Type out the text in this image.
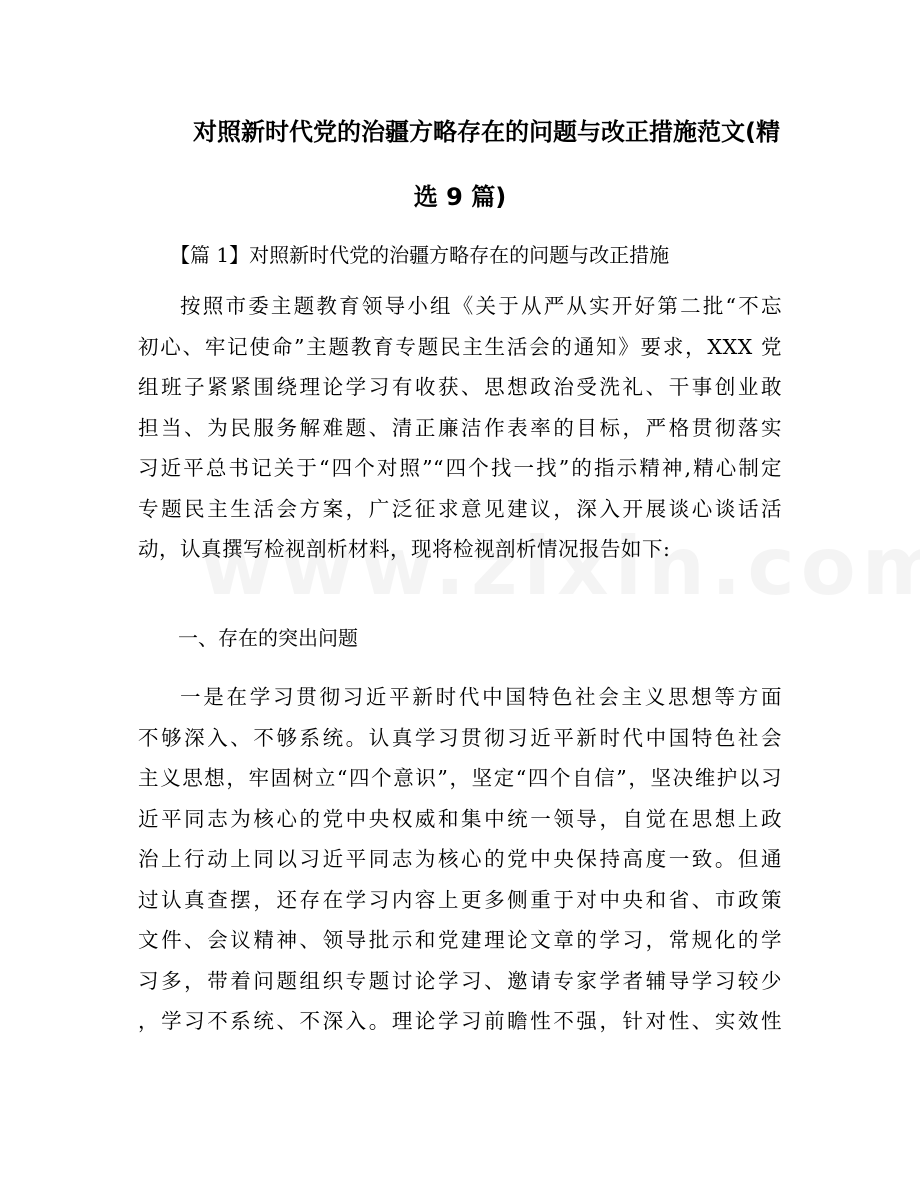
对照新时代党的治疆方略存在的问题与改正措施范文(精
选 9 篇)
【篇 1】对照新时代党的治疆方略存在的问题与改正措施
按照市委主题教育领导小组《关于从严从实开好第二批“不忘
初心、牢记使命”主题教育专题民主生活会的通知》要求，XXX 党
组班子紧紧围绕理论学习有收获、思想政治受洗礼、干事创业敢
担当、为民服务解难题、清正廉洁作表率的目标，严格贯彻落实
习近平总书记关于“四个对照”“四个找一找”的指示精神,精心制定
专题民主生活会方案，广泛征求意见建议，深入开展谈心谈话活
动，认真撰写检视剖析材料，现将检视剖析情况报告如下:
一、存在的突出问题
一是在学习贯彻习近平新时代中国特色社会主义思想等方面
不够深入、不够系统。认真学习贯彻习近平新时代中国特色社会
主义思想，牢固树立“四个意识”，坚定“四个自信”，坚决维护以习
近平同志为核心的党中央权威和集中统一领导，自觉在思想上政
治上行动上同以习近平同志为核心的党中央保持高度一致。但通
过认真查摆，还存在学习内容上更多侧重于对中央和省、市政策
文件、会议精神、领导批示和党建理论文章的学习，常规化的学
习多，带着问题组织专题讨论学习、邀请专家学者辅导学习较少
，学习不系统、不深入。理论学习前瞻性不强，针对性、实效性
